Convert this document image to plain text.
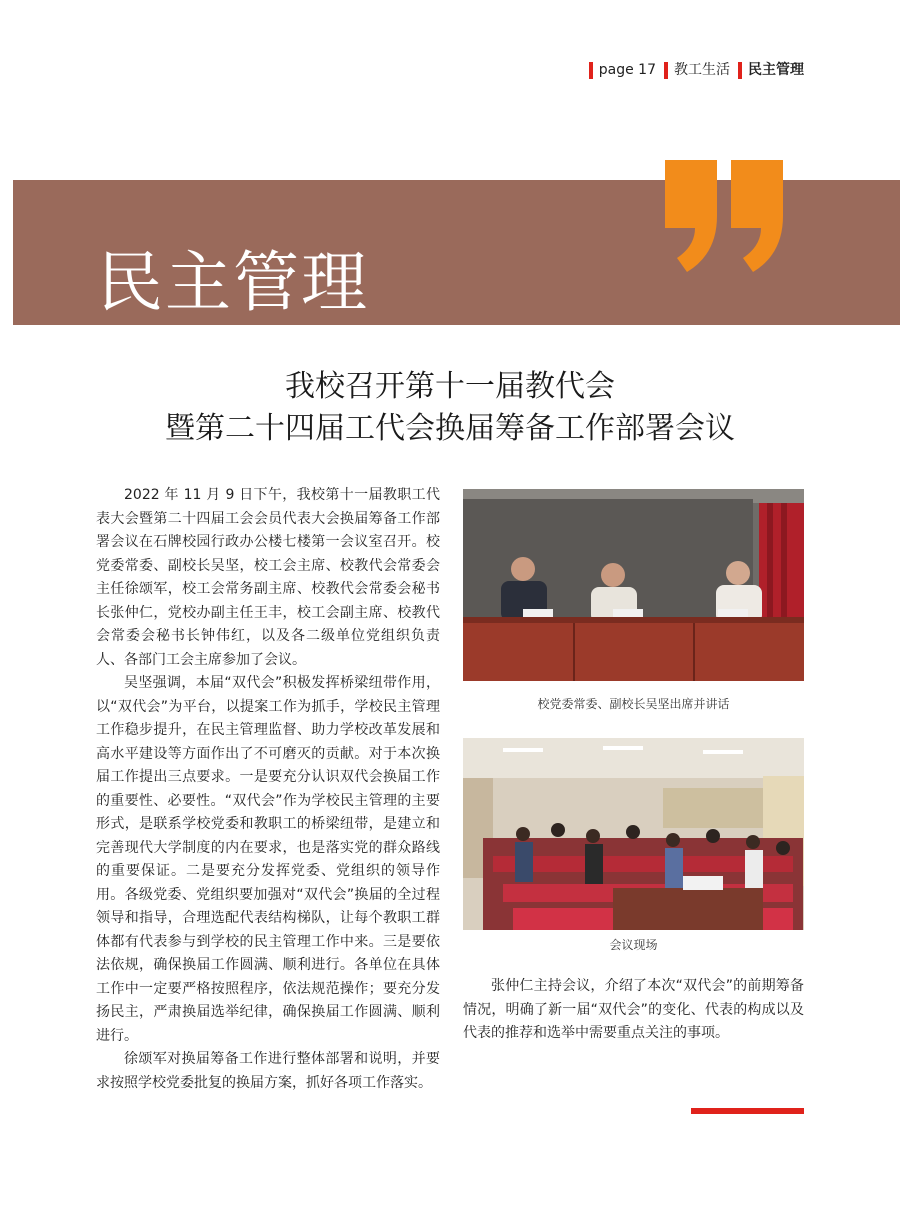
page 17 教工生活 民主管理
民主管理
我校召开第十一届教代会
暨第二十四届工代会换届筹备工作部署会议

2022 年 11 月 9 日下午，我校第十一届教职工代表大会暨第二十四届工会会员代表大会换届筹备工作部署会议在石牌校园行政办公楼七楼第一会议室召开。校党委常委、副校长吴坚，校工会主席、校教代会常委会主任徐颂军，校工会常务副主席、校教代会常委会秘书长张仲仁，党校办副主任王丰，校工会副主席、校教代会常委会秘书长钟伟红，以及各二级单位党组织负责人、各部门工会主席参加了会议。

吴坚强调，本届“双代会”积极发挥桥梁纽带作用，以“双代会”为平台，以提案工作为抓手，学校民主管理工作稳步提升，在民主管理监督、助力学校改革发展和高水平建设等方面作出了不可磨灭的贡献。对于本次换届工作提出三点要求。一是要充分认识双代会换届工作的重要性、必要性。“双代会”作为学校民主管理的主要形式，是联系学校党委和教职工的桥梁纽带，是建立和完善现代大学制度的内在要求，也是落实党的群众路线的重要保证。二是要充分发挥党委、党组织的领导作用。各级党委、党组织要加强对“双代会”换届的全过程领导和指导，合理选配代表结构梯队，让每个教职工群体都有代表参与到学校的民主管理工作中来。三是要依法依规，确保换届工作圆满、顺利进行。各单位在具体工作中一定要严格按照程序，依法规范操作；要充分发扬民主，严肃换届选举纪律，确保换届工作圆满、顺利进行。

徐颂军对换届筹备工作进行整体部署和说明，并要求按照学校党委批复的换届方案，抓好各项工作落实。

校党委常委、副校长吴坚出席并讲话
会议现场

张仲仁主持会议，介绍了本次“双代会”的前期筹备情况，明确了新一届“双代会”的变化、代表的构成以及代表的推荐和选举中需要重点关注的事项。
